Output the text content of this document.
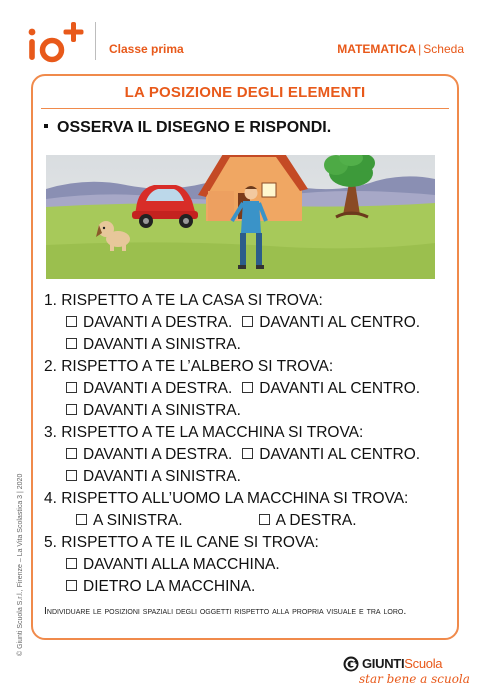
Classe prima	MATEMATICA | Scheda
LA POSIZIONE DEGLI ELEMENTI
OSSERVA IL DISEGNO E RISPONDI.
1. RISPETTO A TE LA CASA SI TROVA:
DAVANTI A DESTRA. DAVANTI AL CENTRO.
DAVANTI A SINISTRA.
2. RISPETTO A TE L’ALBERO SI TROVA:
DAVANTI A DESTRA. DAVANTI AL CENTRO.
DAVANTI A SINISTRA.
3. RISPETTO A TE LA MACCHINA SI TROVA:
DAVANTI A DESTRA. DAVANTI AL CENTRO.
DAVANTI A SINISTRA.
4. RISPETTO ALL’UOMO LA MACCHINA SI TROVA:
A SINISTRA.	A DESTRA.
5. RISPETTO A TE IL CANE SI TROVA:
DAVANTI ALLA MACCHINA.
DIETRO LA MACCHINA.
Individuare le posizioni spaziali degli oggetti rispetto alla propria visuale e tra loro.
© Giunti Scuola S.r.l., Firenze – La Vita Scolastica 3 | 2020
GIUNTIScuola
star bene a scuola
